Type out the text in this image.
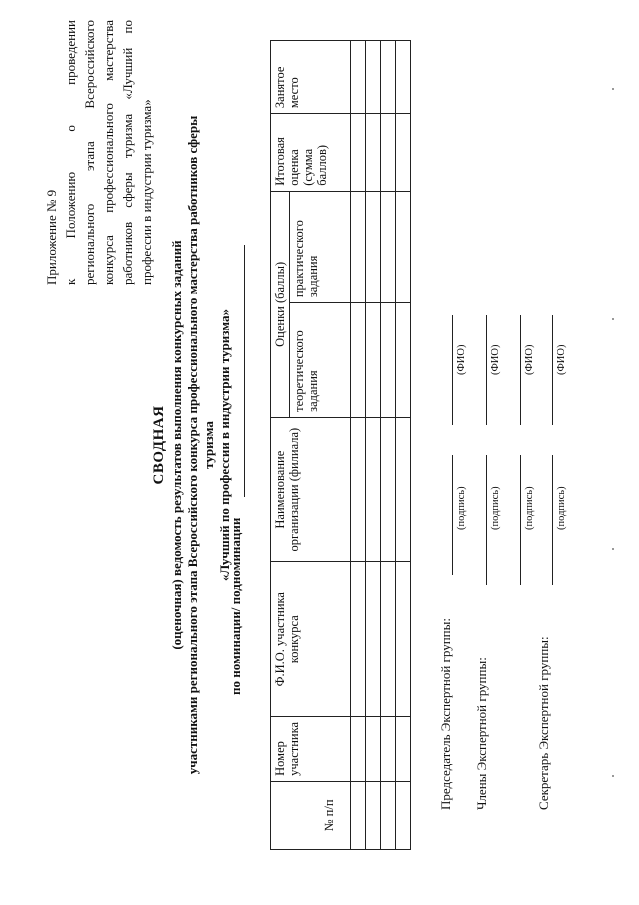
Приложение № 9 к Положению о проведении регионального этапа Всероссийского конкурса профессионального мастерства работников сферы туризма «Лучший по профессии в индустрии туризма»
СВОДНАЯ (оценочная) ведомость результатов выполнения конкурсных заданий участниками регионального этапа Всероссийского конкурса профессионального мастерства работников сферы туризма «Лучший по профессии в индустрии туризма»
по номинации/ подноминации
№ п/п	Номер участника	Ф.И.О. участника конкурса	Наименование организации (филиала)	Оценки (баллы)		Итоговая оценка (сумма баллов)	Занятое место
				теоретического задания	практического задания		

Председатель Экспертной группы:
(подпись)
(ФИО)
Члены Экспертной группы:
(подпись)
(ФИО)
(подпись)
(ФИО)
Секретарь Экспертной группы:
(подпись)
(ФИО)
